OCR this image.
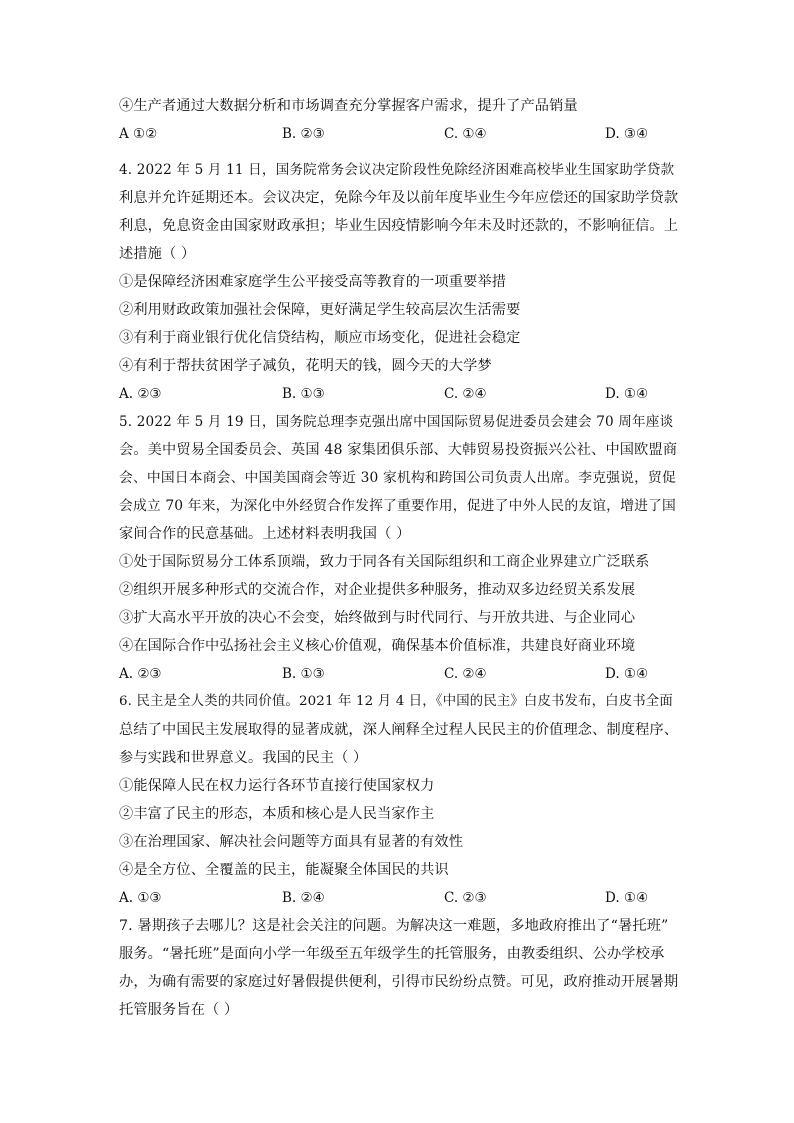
④生产者通过大数据分析和市场调查充分掌握客户需求，提升了产品销量
A ①②	B. ②③	C. ①④	D. ③④
4. 2022 年 5 月 11 日，国务院常务会议决定阶段性免除经济困难高校毕业生国家助学贷款
利息并允许延期还本。会议决定，免除今年及以前年度毕业生今年应偿还的国家助学贷款
利息，免息资金由国家财政承担；毕业生因疫情影响今年未及时还款的，不影响征信。上
述措施（ ）
①是保障经济困难家庭学生公平接受高等教育的一项重要举措
②利用财政政策加强社会保障，更好满足学生较高层次生活需要
③有利于商业银行优化信贷结构，顺应市场变化，促进社会稳定
④有利于帮扶贫困学子减负，花明天的钱，圆今天的大学梦
A. ②③	B. ①③	C. ②④	D. ①④
5. 2022 年 5 月 19 日，国务院总理李克强出席中国国际贸易促进委员会建会 70 周年座谈
会。美中贸易全国委员会、英国 48 家集团俱乐部、大韩贸易投资振兴公社、中国欧盟商
会、中国日本商会、中国美国商会等近 30 家机构和跨国公司负责人出席。李克强说，贸促
会成立 70 年来，为深化中外经贸合作发挥了重要作用，促进了中外人民的友谊，增进了国
家间合作的民意基础。上述材料表明我国（ ）
①处于国际贸易分工体系顶端，致力于同各有关国际组织和工商企业界建立广泛联系
②组织开展多种形式的交流合作，对企业提供多种服务，推动双多边经贸关系发展
③扩大高水平开放的决心不会变，始终做到与时代同行、与开放共进、与企业同心
④在国际合作中弘扬社会主义核心价值观，确保基本价值标准，共建良好商业环境
A. ②③	B. ①③	C. ②④	D. ①④
6. 民主是全人类的共同价值。2021 年 12 月 4 日，《中国的民主》白皮书发布，白皮书全面
总结了中国民主发展取得的显著成就，深人阐释全过程人民民主的价值理念、制度程序、
参与实践和世界意义。我国的民主（ ）
①能保障人民在权力运行各环节直接行使国家权力
②丰富了民主的形态，本质和核心是人民当家作主
③在治理国家、解决社会问题等方面具有显著的有效性
④是全方位、全覆盖的民主，能凝聚全体国民的共识
A. ①③	B. ②④	C. ②③	D. ①④
7. 暑期孩子去哪儿？这是社会关注的问题。为解决这一难题，多地政府推出了“暑托班”
服务。“暑托班”是面向小学一年级至五年级学生的托管服务，由教委组织、公办学校承
办，为确有需要的家庭过好暑假提供便利，引得市民纷纷点赞。可见，政府推动开展暑期
托管服务旨在（ ）
